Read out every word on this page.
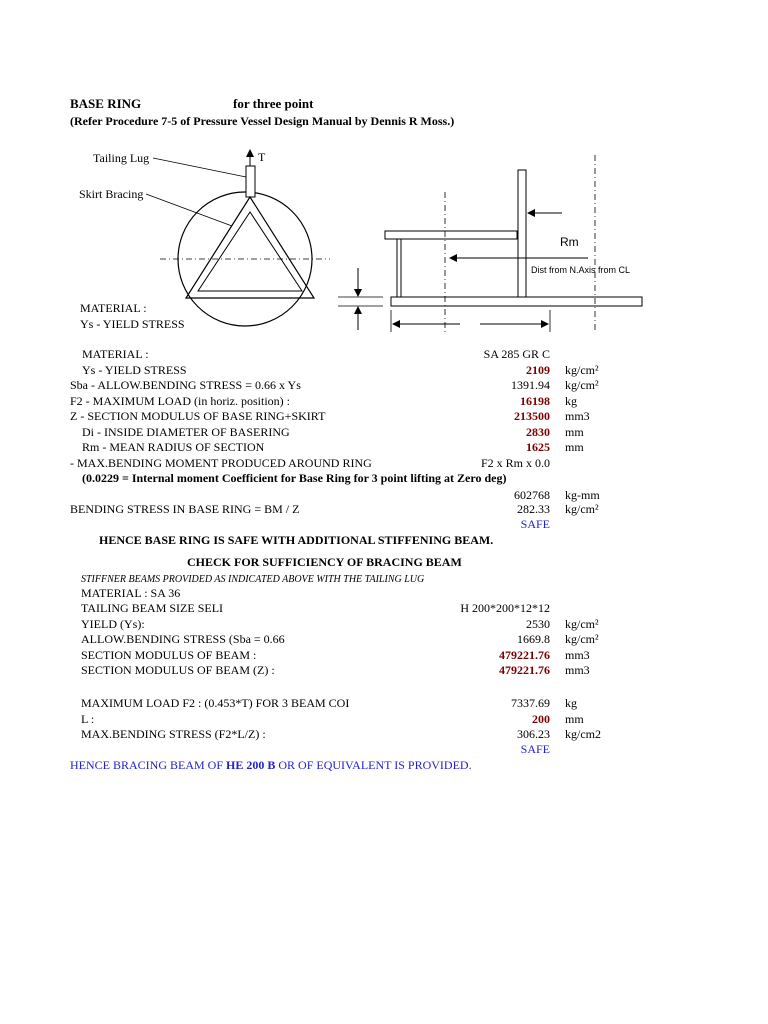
BASE RING	for three point
(Refer Procedure 7-5 of Pressure Vessel Design Manual by Dennis R Moss.)
Tailing Lug
Skirt Bracing
T
Rm
Dist from N.Axis from CL
MATERIAL :
Ys - YIELD STRESS
MATERIAL :	SA 285 GR C
Ys - YIELD STRESS	2109 kg/cm²
Sba - ALLOW.BENDING STRESS = 0.66 x Ys	1391.94 kg/cm²
F2 - MAXIMUM LOAD (in horiz. position) :	16198 kg
Z - SECTION MODULUS OF BASE RING+SKIRT	213500 mm3
Di - INSIDE DIAMETER OF BASERING	2830 mm
Rm - MEAN RADIUS OF SECTION	1625 mm
- MAX.BENDING MOMENT PRODUCED AROUND RING	F2 x Rm x 0.0
(0.0229 = Internal moment Coefficient for Base Ring for 3 point lifting at Zero deg)
602768 kg-mm
BENDING STRESS IN BASE RING = BM / Z	282.33 kg/cm²
SAFE
HENCE BASE RING IS SAFE WITH ADDITIONAL STIFFENING BEAM.
CHECK FOR SUFFICIENCY OF BRACING BEAM
STIFFNER BEAMS PROVIDED AS INDICATED ABOVE WITH THE TAILING LUG
MATERIAL : SA 36
TAILING BEAM SIZE SELI	H 200*200*12*12
YIELD (Ys):	2530 kg/cm²
ALLOW.BENDING STRESS (Sba = 0.66	1669.8 kg/cm²
SECTION MODULUS OF BEAM :	479221.76 mm3
SECTION MODULUS OF BEAM (Z) :	479221.76 mm3
MAXIMUM LOAD F2 : (0.453*T) FOR 3 BEAM COI	7337.69 kg
L :	200 mm
MAX.BENDING STRESS (F2*L/Z) :	306.23 kg/cm2
SAFE
HENCE BRACING BEAM OF HE 200 B OR OF EQUIVALENT IS PROVIDED.
